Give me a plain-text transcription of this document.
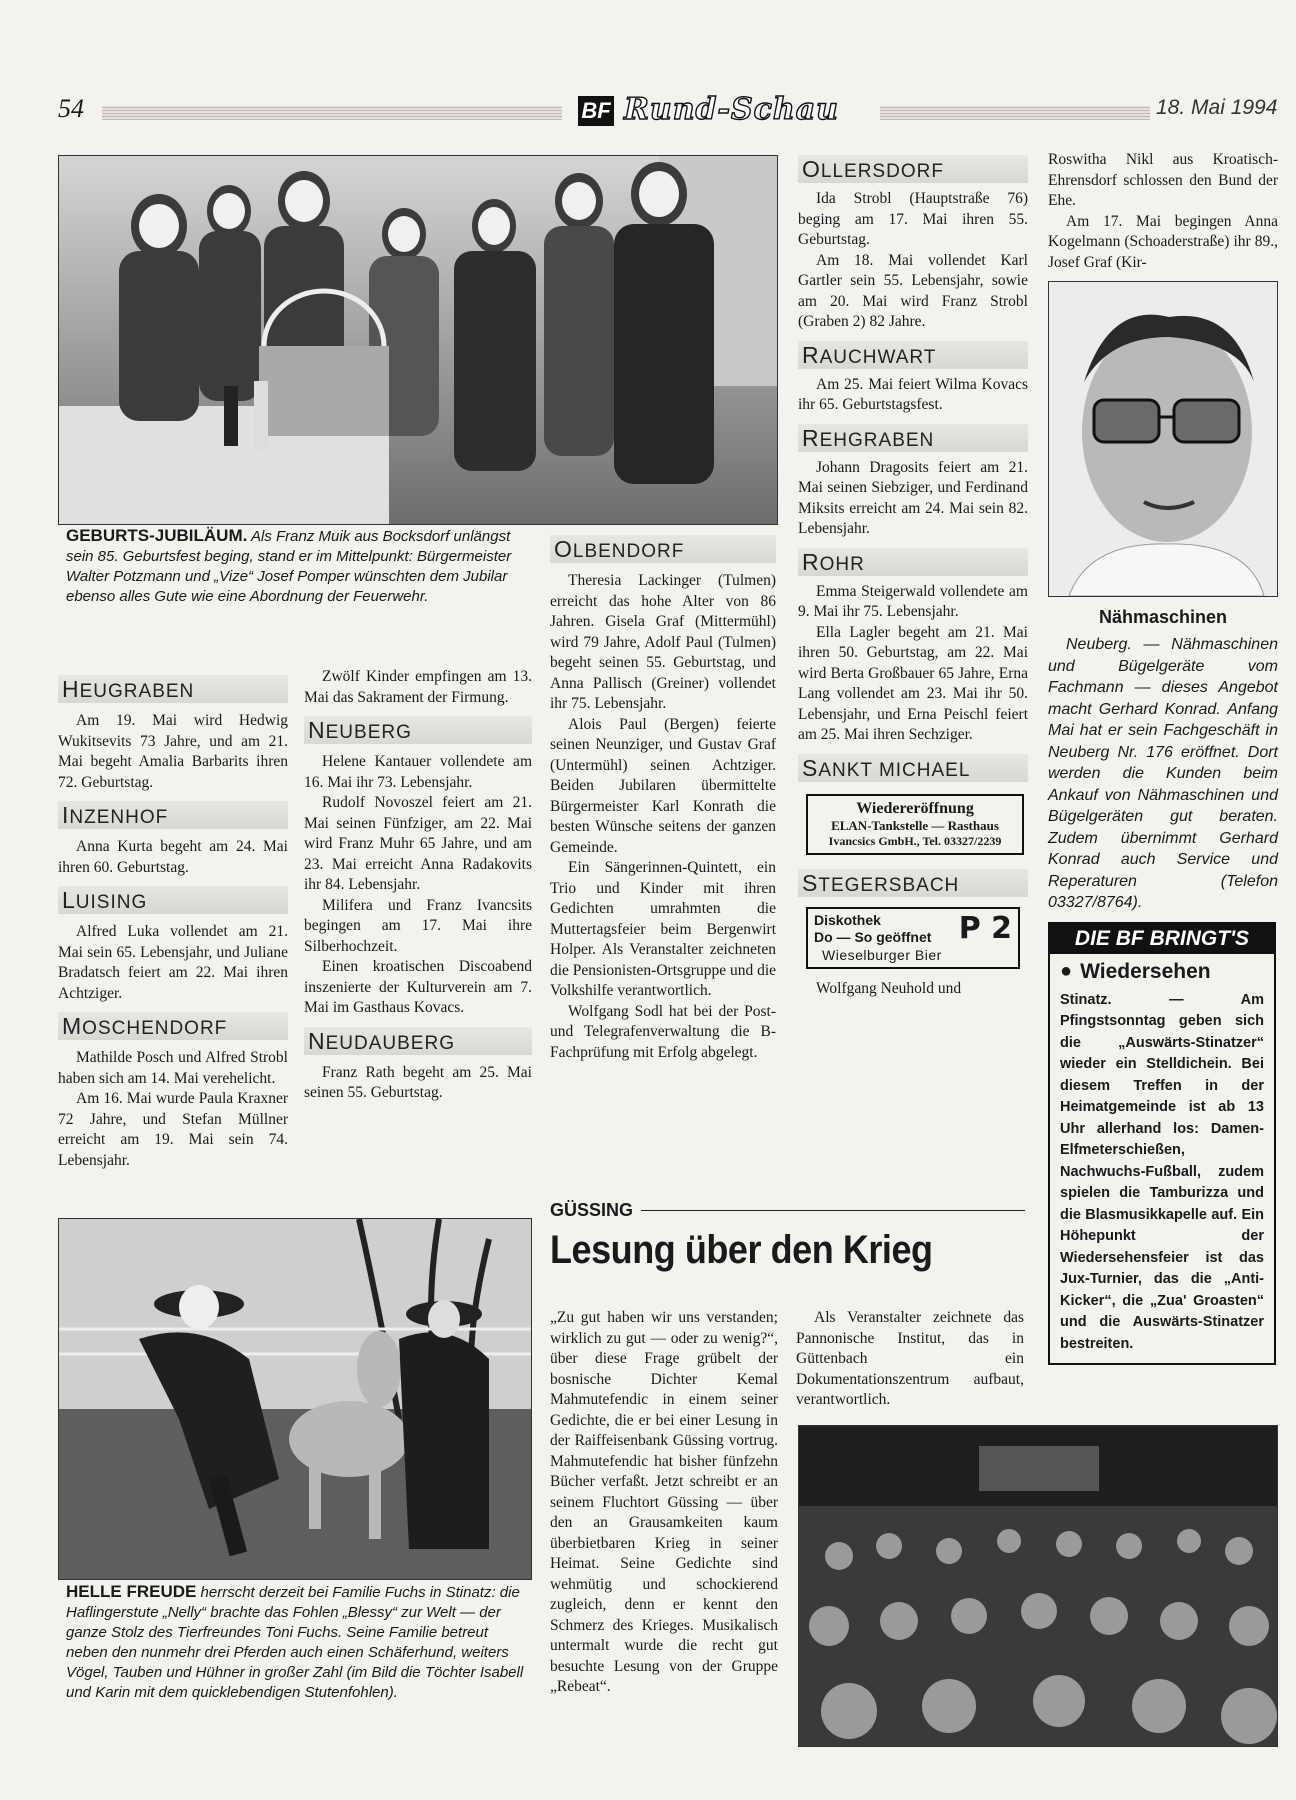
54	BF Rund-Schau	18. Mai 1994
GEBURTS-JUBILÄUM. Als Franz Muik aus Bocksdorf unlängst sein 85. Geburtsfest beging, stand er im Mittelpunkt: Bürgermeister Walter Potzmann und „Vize“ Josef Pomper wünschten dem Jubilar ebenso alles Gute wie eine Abordnung der Feuerwehr.
HEUGRABEN

Am 19. Mai wird Hedwig Wukitsevits 73 Jahre, und am 21. Mai begeht Amalia Barbarits ihren 72. Geburtstag.

INZENHOF

Anna Kurta begeht am 24. Mai ihren 60. Geburtstag.

LUISING

Alfred Luka vollendet am 21. Mai sein 65. Lebensjahr, und Juliane Bradatsch feiert am 22. Mai ihren Achtziger.

MOSCHENDORF

Mathilde Posch und Alfred Strobl haben sich am 14. Mai verehelicht.

Am 16. Mai wurde Paula Kraxner 72 Jahre, und Stefan Müllner erreicht am 19. Mai sein 74. Lebensjahr.

Zwölf Kinder empfingen am 13. Mai das Sakrament der Firmung.

NEUBERG

Helene Kantauer vollendete am 16. Mai ihr 73. Lebensjahr.

Rudolf Novoszel feiert am 21. Mai seinen Fünfziger, am 22. Mai wird Franz Muhr 65 Jahre, und am 23. Mai erreicht Anna Radakovits ihr 84. Lebensjahr.

Milifera und Franz Ivancsits begingen am 17. Mai ihre Silberhochzeit.

Einen kroatischen Discoabend inszenierte der Kulturverein am 7. Mai im Gasthaus Kovacs.

NEUDAUBERG

Franz Rath begeht am 25. Mai seinen 55. Geburtstag.

OLBENDORF

Theresia Lackinger (Tulmen) erreicht das hohe Alter von 86 Jahren. Gisela Graf (Mittermühl) wird 79 Jahre, Adolf Paul (Tulmen) begeht seinen 55. Geburtstag, und Anna Pallisch (Greiner) vollendet ihr 75. Lebensjahr.

Alois Paul (Bergen) feierte seinen Neunziger, und Gustav Graf (Untermühl) seinen Achtziger. Beiden Jubilaren übermittelte Bürgermeister Karl Konrath die besten Wünsche seitens der ganzen Gemeinde.

Ein Sängerinnen-Quintett, ein Trio und Kinder mit ihren Gedichten umrahmten die Muttertagsfeier beim Bergenwirt Holper. Als Veranstalter zeichneten die Pensionisten-Ortsgruppe und die Volkshilfe verantwortlich.

Wolfgang Sodl hat bei der Post- und Telegrafenverwaltung die B-Fachprüfung mit Erfolg abgelegt.

OLLERSDORF

Ida Strobl (Hauptstraße 76) beging am 17. Mai ihren 55. Geburtstag.

Am 18. Mai vollendet Karl Gartler sein 55. Lebensjahr, sowie am 20. Mai wird Franz Strobl (Graben 2) 82 Jahre.

RAUCHWART

Am 25. Mai feiert Wilma Kovacs ihr 65. Geburtstagsfest.

REHGRABEN

Johann Dragosits feiert am 21. Mai seinen Siebziger, und Ferdinand Miksits erreicht am 24. Mai sein 82. Lebensjahr.

ROHR

Emma Steigerwald vollendete am 9. Mai ihr 75. Lebensjahr.

Ella Lagler begeht am 21. Mai ihren 50. Geburtstag, am 22. Mai wird Berta Großbauer 65 Jahre, Erna Lang vollendet am 23. Mai ihr 50. Lebensjahr, und Erna Peischl feiert am 25. Mai ihren Sechziger.

SANKT MICHAEL
Wiedereröffnung
ELAN-Tankstelle — Rasthaus
Ivancsics GmbH., Tel. 03327/2239
STEGERSBACH
Diskothek
Do — So geöffnet
Wieselburger Bier
P 2

Wolfgang Neuhold und

Roswitha Nikl aus Kroatisch-Ehrensdorf schlossen den Bund der Ehe.

Am 17. Mai begingen Anna Kogelmann (Schoaderstraße) ihr 89., Josef Graf (Kir-

Nähmaschinen

Neuberg. — Nähmaschinen und Bügelgeräte vom Fachmann — dieses Angebot macht Gerhard Konrad. Anfang Mai hat er sein Fachgeschäft in Neuberg Nr. 176 eröffnet. Dort werden die Kunden beim Ankauf von Nähmaschinen und Bügelgeräten gut beraten. Zudem übernimmt Gerhard Konrad auch Service und Reperaturen (Telefon 03327/8764).

DIE BF BRINGT'S
● Wiedersehen

Stinatz. — Am Pfingstsonntag geben sich die „Auswärts-Stinatzer“ wieder ein Stelldichein. Bei diesem Treffen in der Heimatgemeinde ist ab 13 Uhr allerhand los: Damen-Elfmeterschießen, Nachwuchs-Fußball, zudem spielen die Tamburizza und die Blasmusikkapelle auf. Ein Höhepunkt der Wiedersehensfeier ist das Jux-Turnier, das die „Anti-Kicker“, die „Zua' Groasten“ und die Auswärts-Stinatzer bestreiten.

HELLE FREUDE herrscht derzeit bei Familie Fuchs in Stinatz: die Haflingerstute „Nelly“ brachte das Fohlen „Blessy“ zur Welt — der ganze Stolz des Tierfreundes Toni Fuchs. Seine Familie betreut neben den nunmehr drei Pferden auch einen Schäferhund, weiters Vögel, Tauben und Hühner in großer Zahl (im Bild die Töchter Isabell und Karin mit dem quicklebendigen Stutenfohlen).
GÜSSING
Lesung über den Krieg

„Zu gut haben wir uns verstanden; wirklich zu gut — oder zu wenig?“, über diese Frage grübelt der bosnische Dichter Kemal Mahmutefendic in einem seiner Gedichte, die er bei einer Lesung in der Raiffeisenbank Güssing vortrug. Mahmutefendic hat bisher fünfzehn Bücher verfaßt. Jetzt schreibt er an seinem Fluchtort Güssing — über den an Grausamkeiten kaum überbietbaren Krieg in seiner Heimat. Seine Gedichte sind wehmütig und schockierend zugleich, denn er kennt den Schmerz des Krieges. Musikalisch untermalt wurde die recht gut besuchte Lesung von der Gruppe „Rebeat“.

Als Veranstalter zeichnete das Pannonische Institut, das in Güttenbach ein Dokumentationszentrum aufbaut, verantwortlich.
